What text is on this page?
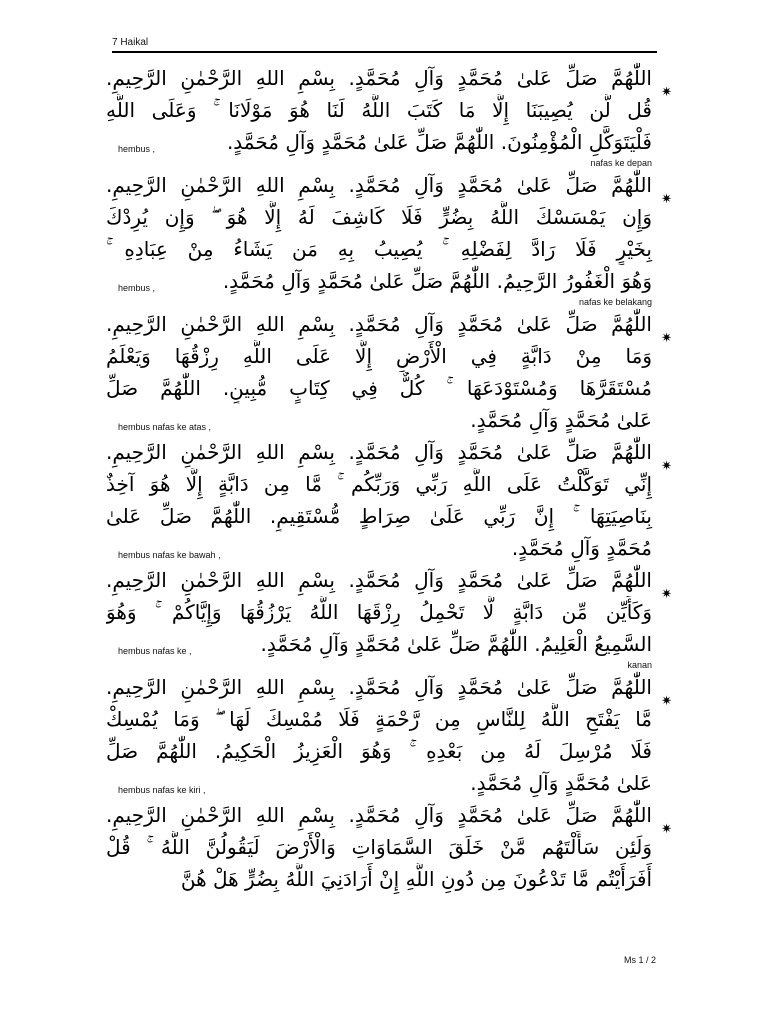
7 Haikal
✷
اللّٰهُمَّ صَلِّ عَلىٰ مُحَمَّدٍ وَآلِ مُحَمَّدٍ. بِسْمِ اللهِ الرَّحْمٰنِ الرَّحِيمِ.
قُل لَّن يُصِيبَنَا إِلَّا مَا كَتَبَ اللَّهُ لَنَا هُوَ مَوْلَانَا ۚ وَعَلَى اللَّهِ
فَلْيَتَوَكَّلِ الْمُؤْمِنُونَ. اللّٰهُمَّ صَلِّ عَلىٰ مُحَمَّدٍ وَآلِ مُحَمَّدٍ.
hembus ,
nafas ke depan
✷
اللّٰهُمَّ صَلِّ عَلىٰ مُحَمَّدٍ وَآلِ مُحَمَّدٍ. بِسْمِ اللهِ الرَّحْمٰنِ الرَّحِيمِ.
وَإِن يَمْسَسْكَ اللَّهُ بِضُرٍّ فَلَا كَاشِفَ لَهُ إِلَّا هُوَ ۖ وَإِن يُرِدْكَ
بِخَيْرٍ فَلَا رَادَّ لِفَضْلِهِ ۚ يُصِيبُ بِهِ مَن يَشَاءُ مِنْ عِبَادِهِ ۚ
وَهُوَ الْغَفُورُ الرَّحِيمُ. اللّٰهُمَّ صَلِّ عَلىٰ مُحَمَّدٍ وَآلِ مُحَمَّدٍ.
hembus ,
nafas ke belakang
✷
اللّٰهُمَّ صَلِّ عَلىٰ مُحَمَّدٍ وَآلِ مُحَمَّدٍ. بِسْمِ اللهِ الرَّحْمٰنِ الرَّحِيمِ.
وَمَا مِنْ دَابَّةٍ فِي الْأَرْضِ إِلَّا عَلَى اللَّهِ رِزْقُهَا وَيَعْلَمُ
مُسْتَقَرَّهَا وَمُسْتَوْدَعَهَا ۚ كُلٌّ فِي كِتَابٍ مُّبِينٍ. اللّٰهُمَّ صَلِّ
عَلىٰ مُحَمَّدٍ وَآلِ مُحَمَّدٍ.
hembus nafas ke atas ,
✷
اللّٰهُمَّ صَلِّ عَلىٰ مُحَمَّدٍ وَآلِ مُحَمَّدٍ. بِسْمِ اللهِ الرَّحْمٰنِ الرَّحِيمِ.
إِنِّي تَوَكَّلْتُ عَلَى اللَّهِ رَبِّي وَرَبِّكُم ۚ مَّا مِن دَابَّةٍ إِلَّا هُوَ آخِذٌ
بِنَاصِيَتِهَا ۚ إِنَّ رَبِّي عَلَىٰ صِرَاطٍ مُّسْتَقِيمٍ. اللّٰهُمَّ صَلِّ عَلىٰ
مُحَمَّدٍ وَآلِ مُحَمَّدٍ.
hembus nafas ke bawah ,
✷
اللّٰهُمَّ صَلِّ عَلىٰ مُحَمَّدٍ وَآلِ مُحَمَّدٍ. بِسْمِ اللهِ الرَّحْمٰنِ الرَّحِيمِ.
وَكَأَيِّن مِّن دَابَّةٍ لَّا تَحْمِلُ رِزْقَهَا اللَّهُ يَرْزُقُهَا وَإِيَّاكُمْ ۚ وَهُوَ
السَّمِيعُ الْعَلِيمُ. اللّٰهُمَّ صَلِّ عَلىٰ مُحَمَّدٍ وَآلِ مُحَمَّدٍ.
hembus nafas ke ,
kanan
✷
اللّٰهُمَّ صَلِّ عَلىٰ مُحَمَّدٍ وَآلِ مُحَمَّدٍ. بِسْمِ اللهِ الرَّحْمٰنِ الرَّحِيمِ.
مَّا يَفْتَحِ اللَّهُ لِلنَّاسِ مِن رَّحْمَةٍ فَلَا مُمْسِكَ لَهَا ۖ وَمَا يُمْسِكْ
فَلَا مُرْسِلَ لَهُ مِن بَعْدِهِ ۚ وَهُوَ الْعَزِيزُ الْحَكِيمُ. اللّٰهُمَّ صَلِّ
عَلىٰ مُحَمَّدٍ وَآلِ مُحَمَّدٍ.
hembus nafas ke kiri ,
✷
اللّٰهُمَّ صَلِّ عَلىٰ مُحَمَّدٍ وَآلِ مُحَمَّدٍ. بِسْمِ اللهِ الرَّحْمٰنِ الرَّحِيمِ.
وَلَئِن سَأَلْتَهُم مَّنْ خَلَقَ السَّمَاوَاتِ وَالْأَرْضَ لَيَقُولُنَّ اللَّهُ ۚ قُلْ
أَفَرَأَيْتُم مَّا تَدْعُونَ مِن دُونِ اللَّهِ إِنْ أَرَادَنِيَ اللَّهُ بِضُرٍّ هَلْ هُنَّ
Ms 1 / 2
